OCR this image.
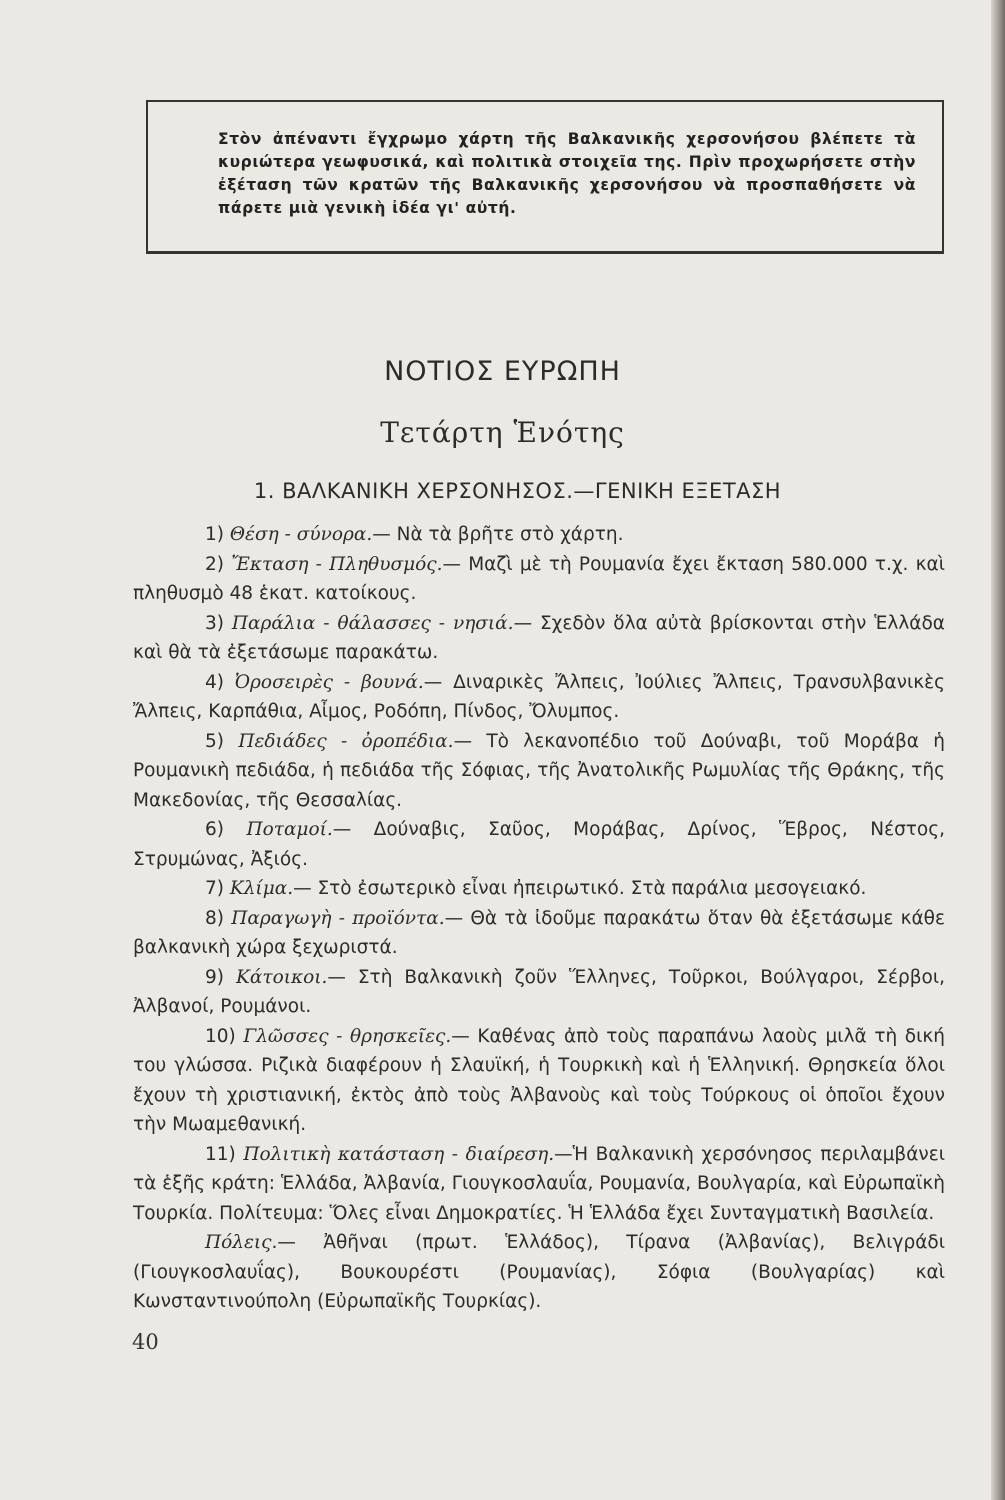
Στὸν ἀπέναντι ἔγχρωμο χάρτη τῆς Βαλκανικῆς χερσονήσου βλέπετε τὰ κυριώτερα γεωφυσικά, καὶ πολιτικὰ στοιχεῖα της. Πρὶν προχωρήσετε στὴν ἐξέταση τῶν κρατῶν τῆς Βαλκανικῆς χερσονήσου νὰ προσπαθήσετε νὰ πάρετε μιὰ γενικὴ ἰδέα γι' αὐτή.
ΝΟΤΙΟΣ ΕΥΡΩΠΗ
Τετάρτη Ἑνότης
1. ΒΑΛΚΑΝΙΚΗ ΧΕΡΣΟΝΗΣΟΣ.—ΓΕΝΙΚΗ ΕΞΕΤΑΣΗ

1) Θέση - σύνορα.— Νὰ τὰ βρῆτε στὸ χάρτη.

2) Ἔκταση - Πληθυσμός.— Μαζὶ μὲ τὴ Ρουμανία ἔχει ἔκταση 580.000 τ.χ. καὶ πληθυσμὸ 48 ἑκατ. κατοίκους.

3) Παράλια - θάλασσες - νησιά.— Σχεδὸν ὅλα αὐτὰ βρίσκονται στὴν Ἑλλάδα καὶ θὰ τὰ ἐξετάσωμε παρακάτω.

4) Ὀροσειρὲς - βουνά.— Διναρικὲς Ἄλπεις, Ἰούλιες Ἄλπεις, Τρανσυλβανικὲς Ἄλπεις, Καρπάθια, Αἶμος, Ροδόπη, Πίνδος, Ὄλυμπος.

5) Πεδιάδες - ὀροπέδια.— Τὸ λεκανοπέδιο τοῦ Δούναβι, τοῦ Μοράβα ἡ Ρουμανικὴ πεδιάδα, ἡ πεδιάδα τῆς Σόφιας, τῆς Ἀνατολικῆς Ρωμυλίας τῆς Θράκης, τῆς Μακεδονίας, τῆς Θεσσαλίας.

6) Ποταμοί.— Δούναβις, Σαῦος, Μοράβας, Δρίνος, Ἕβρος, Νέστος, Στρυμώνας, Ἀξιός.

7) Κλίμα.— Στὸ ἐσωτερικὸ εἶναι ἠπειρωτικό. Στὰ παράλια μεσογειακό.

8) Παραγωγὴ - προϊόντα.— Θὰ τὰ ἰδοῦμε παρακάτω ὅταν θὰ ἐξετάσωμε κάθε βαλκανικὴ χώρα ξεχωριστά.

9) Κάτοικοι.— Στὴ Βαλκανικὴ ζοῦν Ἕλληνες, Τοῦρκοι, Βούλγαροι, Σέρβοι, Ἀλβανοί, Ρουμάνοι.

10) Γλῶσσες - θρησκεῖες.— Καθένας ἀπὸ τοὺς παραπάνω λαοὺς μιλᾶ τὴ δική του γλώσσα. Ριζικὰ διαφέρουν ἡ Σλαυϊκή, ἡ Τουρκικὴ καὶ ἡ Ἑλληνική. Θρησκεία ὅλοι ἔχουν τὴ χριστιανική, ἐκτὸς ἀπὸ τοὺς Ἀλβανοὺς καὶ τοὺς Τούρκους οἱ ὁποῖοι ἔχουν τὴν Μωαμεθανική.

11) Πολιτικὴ κατάσταση - διαίρεση.—Ἡ Βαλκανικὴ χερσόνησος περιλαμβάνει τὰ ἑξῆς κράτη: Ἑλλάδα, Ἀλβανία, Γιουγκοσλαυΐα, Ρουμανία, Βουλγαρία, καὶ Εὐρωπαϊκὴ Τουρκία. Πολίτευμα: Ὅλες εἶναι Δημοκρατίες. Ἡ Ἑλλάδα ἔχει Συνταγματικὴ Βασιλεία.

Πόλεις.— Ἀθῆναι (πρωτ. Ἑλλάδος), Τίρανα (Ἀλβανίας), Βελιγράδι (Γιουγκοσλαυΐας), Βουκουρέστι (Ρουμανίας), Σόφια (Βουλγαρίας) καὶ Κωνσταντινούπολη (Εὐρωπαϊκῆς Τουρκίας).

40
